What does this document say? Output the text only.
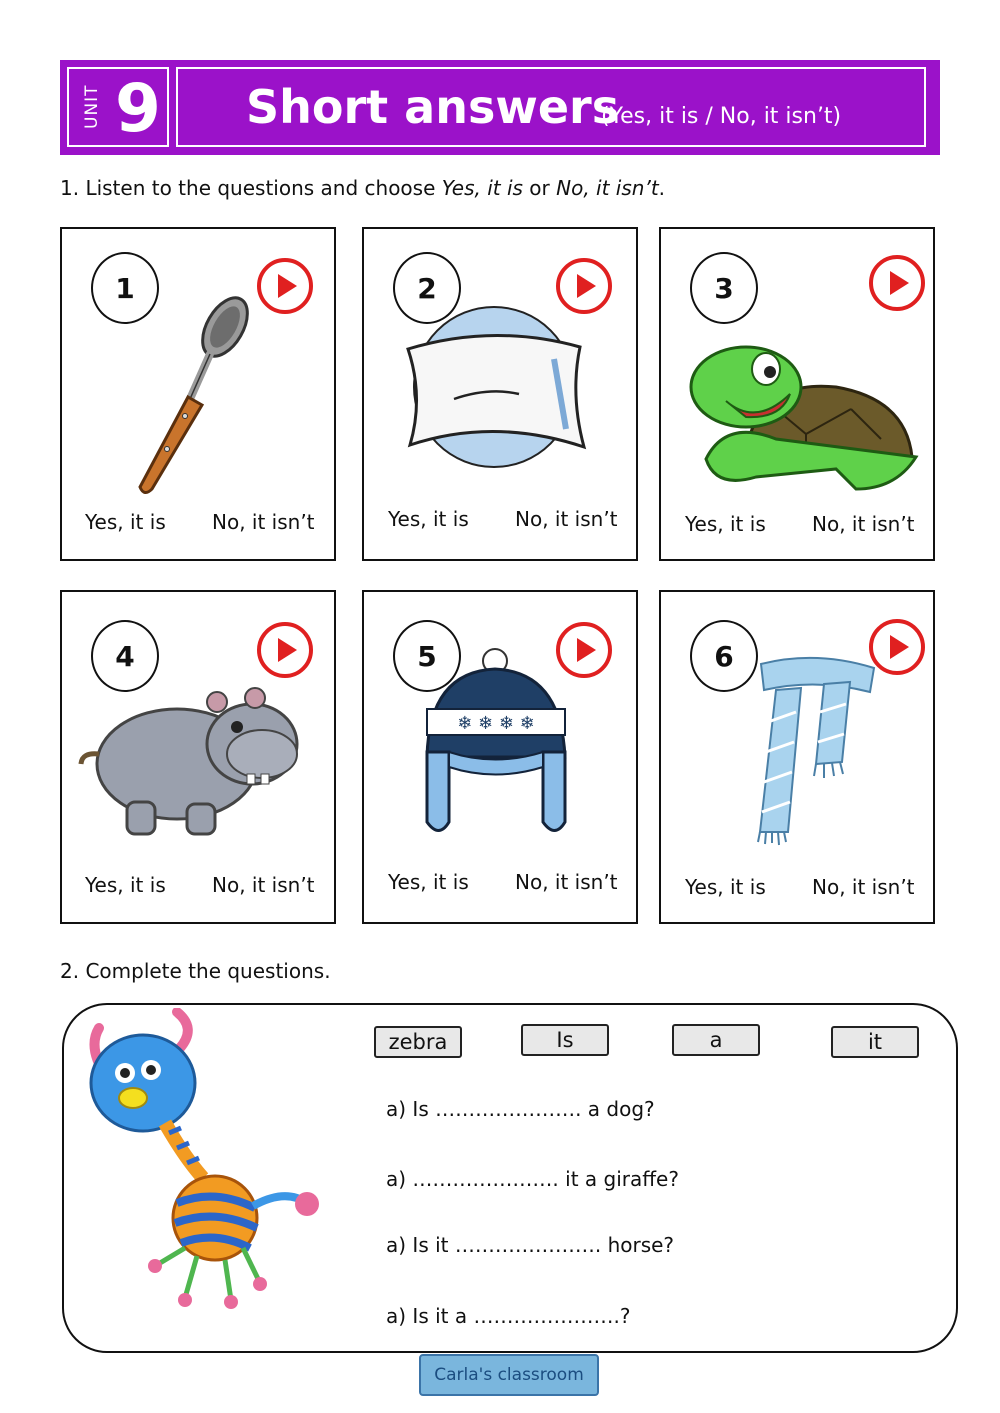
UNIT 9 Short answers
(Yes, it is / No, it isn’t)
1. Listen to the questions and choose Yes, it is or No, it isn’t.
1
Yes, it is No, it isn’t
2
Yes, it is No, it isn’t
3
Yes, it is No, it isn’t
4
Yes, it is No, it isn’t
5
❄ ❄ ❄ ❄
Yes, it is No, it isn’t
6
Yes, it is No, it isn’t
2. Complete the questions.
zebra	Is	a	it
a) Is …………………. a dog?
a) …………………. it a giraffe?
a) Is it …………………. horse?
a) Is it a ………………….?
Carla's classroom
